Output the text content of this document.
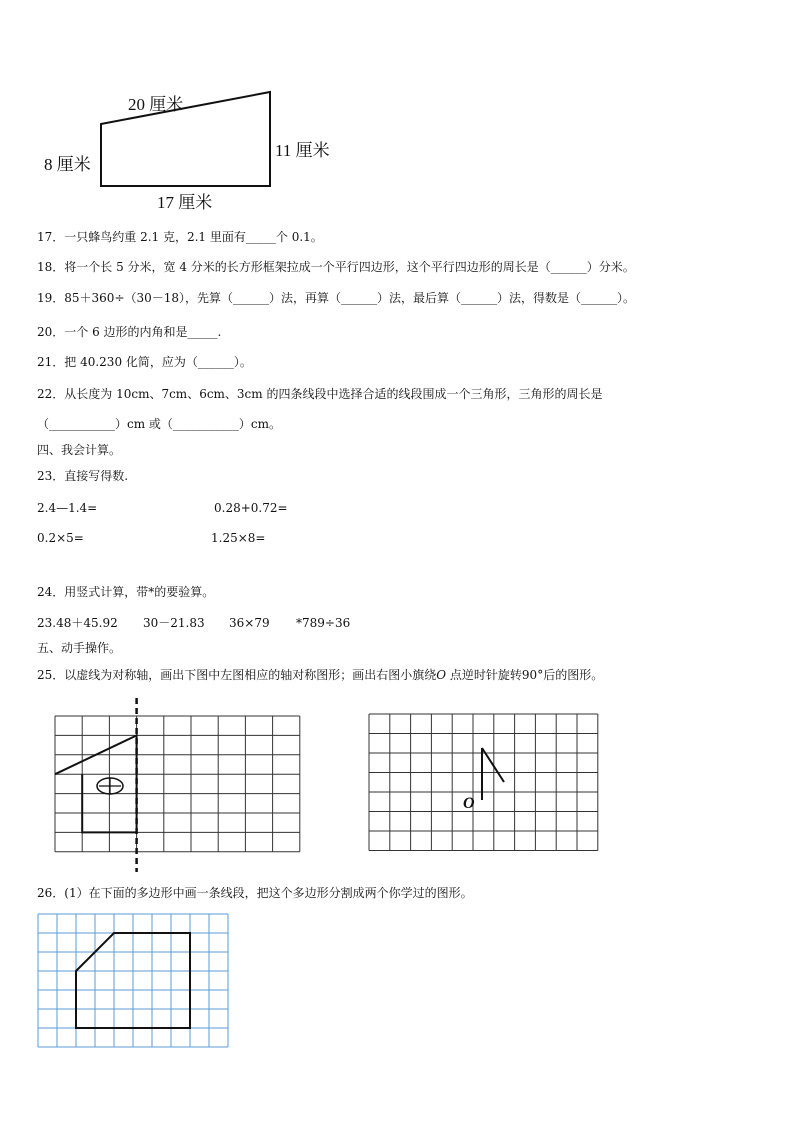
20 厘米
8 厘米
11 厘米
17 厘米
17．一只蜂鸟约重 2.1 克，2.1 里面有_____个 0.1。
18．将一个长 5 分米，宽 4 分米的长方形框架拉成一个平行四边形，这个平行四边形的周长是（______）分米。
19．85＋360÷（30－18），先算（______）法，再算（______）法，最后算（______）法，得数是（______）。
20．一个 6 边形的内角和是_____.
21．把 40.230 化简，应为（______）。
22．从长度为 10cm、7cm、6cm、3cm 的四条线段中选择合适的线段围成一个三角形，三角形的周长是
（___________）cm 或（___________）cm。
四、我会计算。
23．直接写得数.
2.4—1.4=	0.28+0.72=
0.2×5=	1.25×8=
24．用竖式计算，带*的要验算。
23.48＋45.92 30－21.83 36×79 *789÷36
五、动手操作。
25．以虚线为对称轴，画出下图中左图相应的轴对称图形；画出右图小旗绕𝑂 点逆时针旋转90°后的图形。
O
26．(1）在下面的多边形中画一条线段，把这个多边形分割成两个你学过的图形。
